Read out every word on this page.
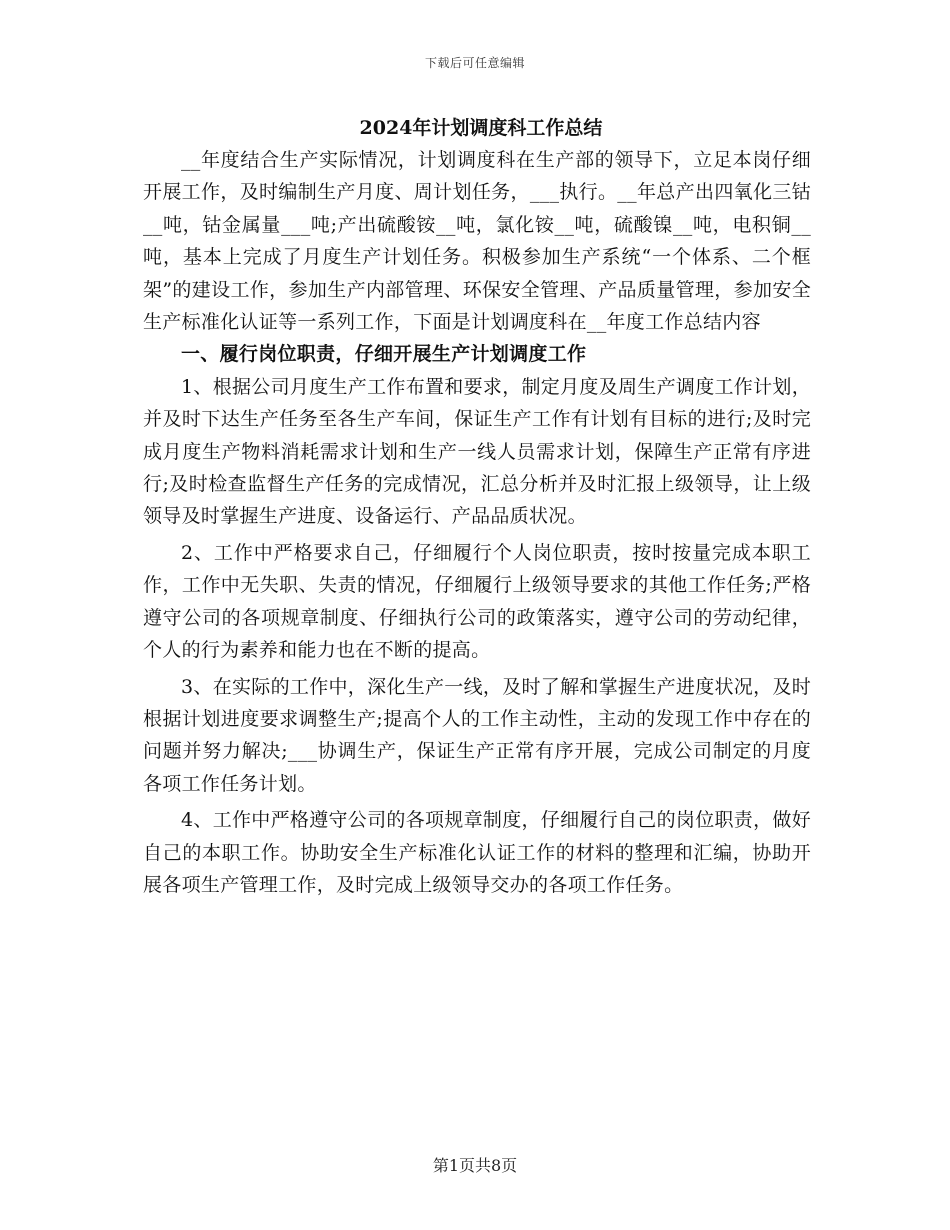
下载后可任意编辑
2024年计划调度科工作总结

__年度结合生产实际情况，计划调度科在生产部的领导下，立足本岗仔细开展工作，及时编制生产月度、周计划任务，___执行。__年总产出四氧化三钴__吨，钴金属量___吨;产出硫酸铵__吨，氯化铵__吨，硫酸镍__吨，电积铜__吨，基本上完成了月度生产计划任务。积极参加生产系统“一个体系、二个框架”的建设工作，参加生产内部管理、环保安全管理、产品质量管理，参加安全生产标准化认证等一系列工作，下面是计划调度科在__年度工作总结内容

一、履行岗位职责，仔细开展生产计划调度工作

1、根据公司月度生产工作布置和要求，制定月度及周生产调度工作计划，并及时下达生产任务至各生产车间，保证生产工作有计划有目标的进行;及时完成月度生产物料消耗需求计划和生产一线人员需求计划，保障生产正常有序进行;及时检查监督生产任务的完成情况，汇总分析并及时汇报上级领导，让上级领导及时掌握生产进度、设备运行、产品品质状况。

2、工作中严格要求自己，仔细履行个人岗位职责，按时按量完成本职工作，工作中无失职、失责的情况，仔细履行上级领导要求的其他工作任务;严格遵守公司的各项规章制度、仔细执行公司的政策落实，遵守公司的劳动纪律，个人的行为素养和能力也在不断的提高。

3、在实际的工作中，深化生产一线，及时了解和掌握生产进度状况，及时根据计划进度要求调整生产;提高个人的工作主动性，主动的发现工作中存在的问题并努力解决;___协调生产，保证生产正常有序开展，完成公司制定的月度各项工作任务计划。

4、工作中严格遵守公司的各项规章制度，仔细履行自己的岗位职责，做好自己的本职工作。协助安全生产标准化认证工作的材料的整理和汇编，协助开展各项生产管理工作，及时完成上级领导交办的各项工作任务。

第1页共8页
